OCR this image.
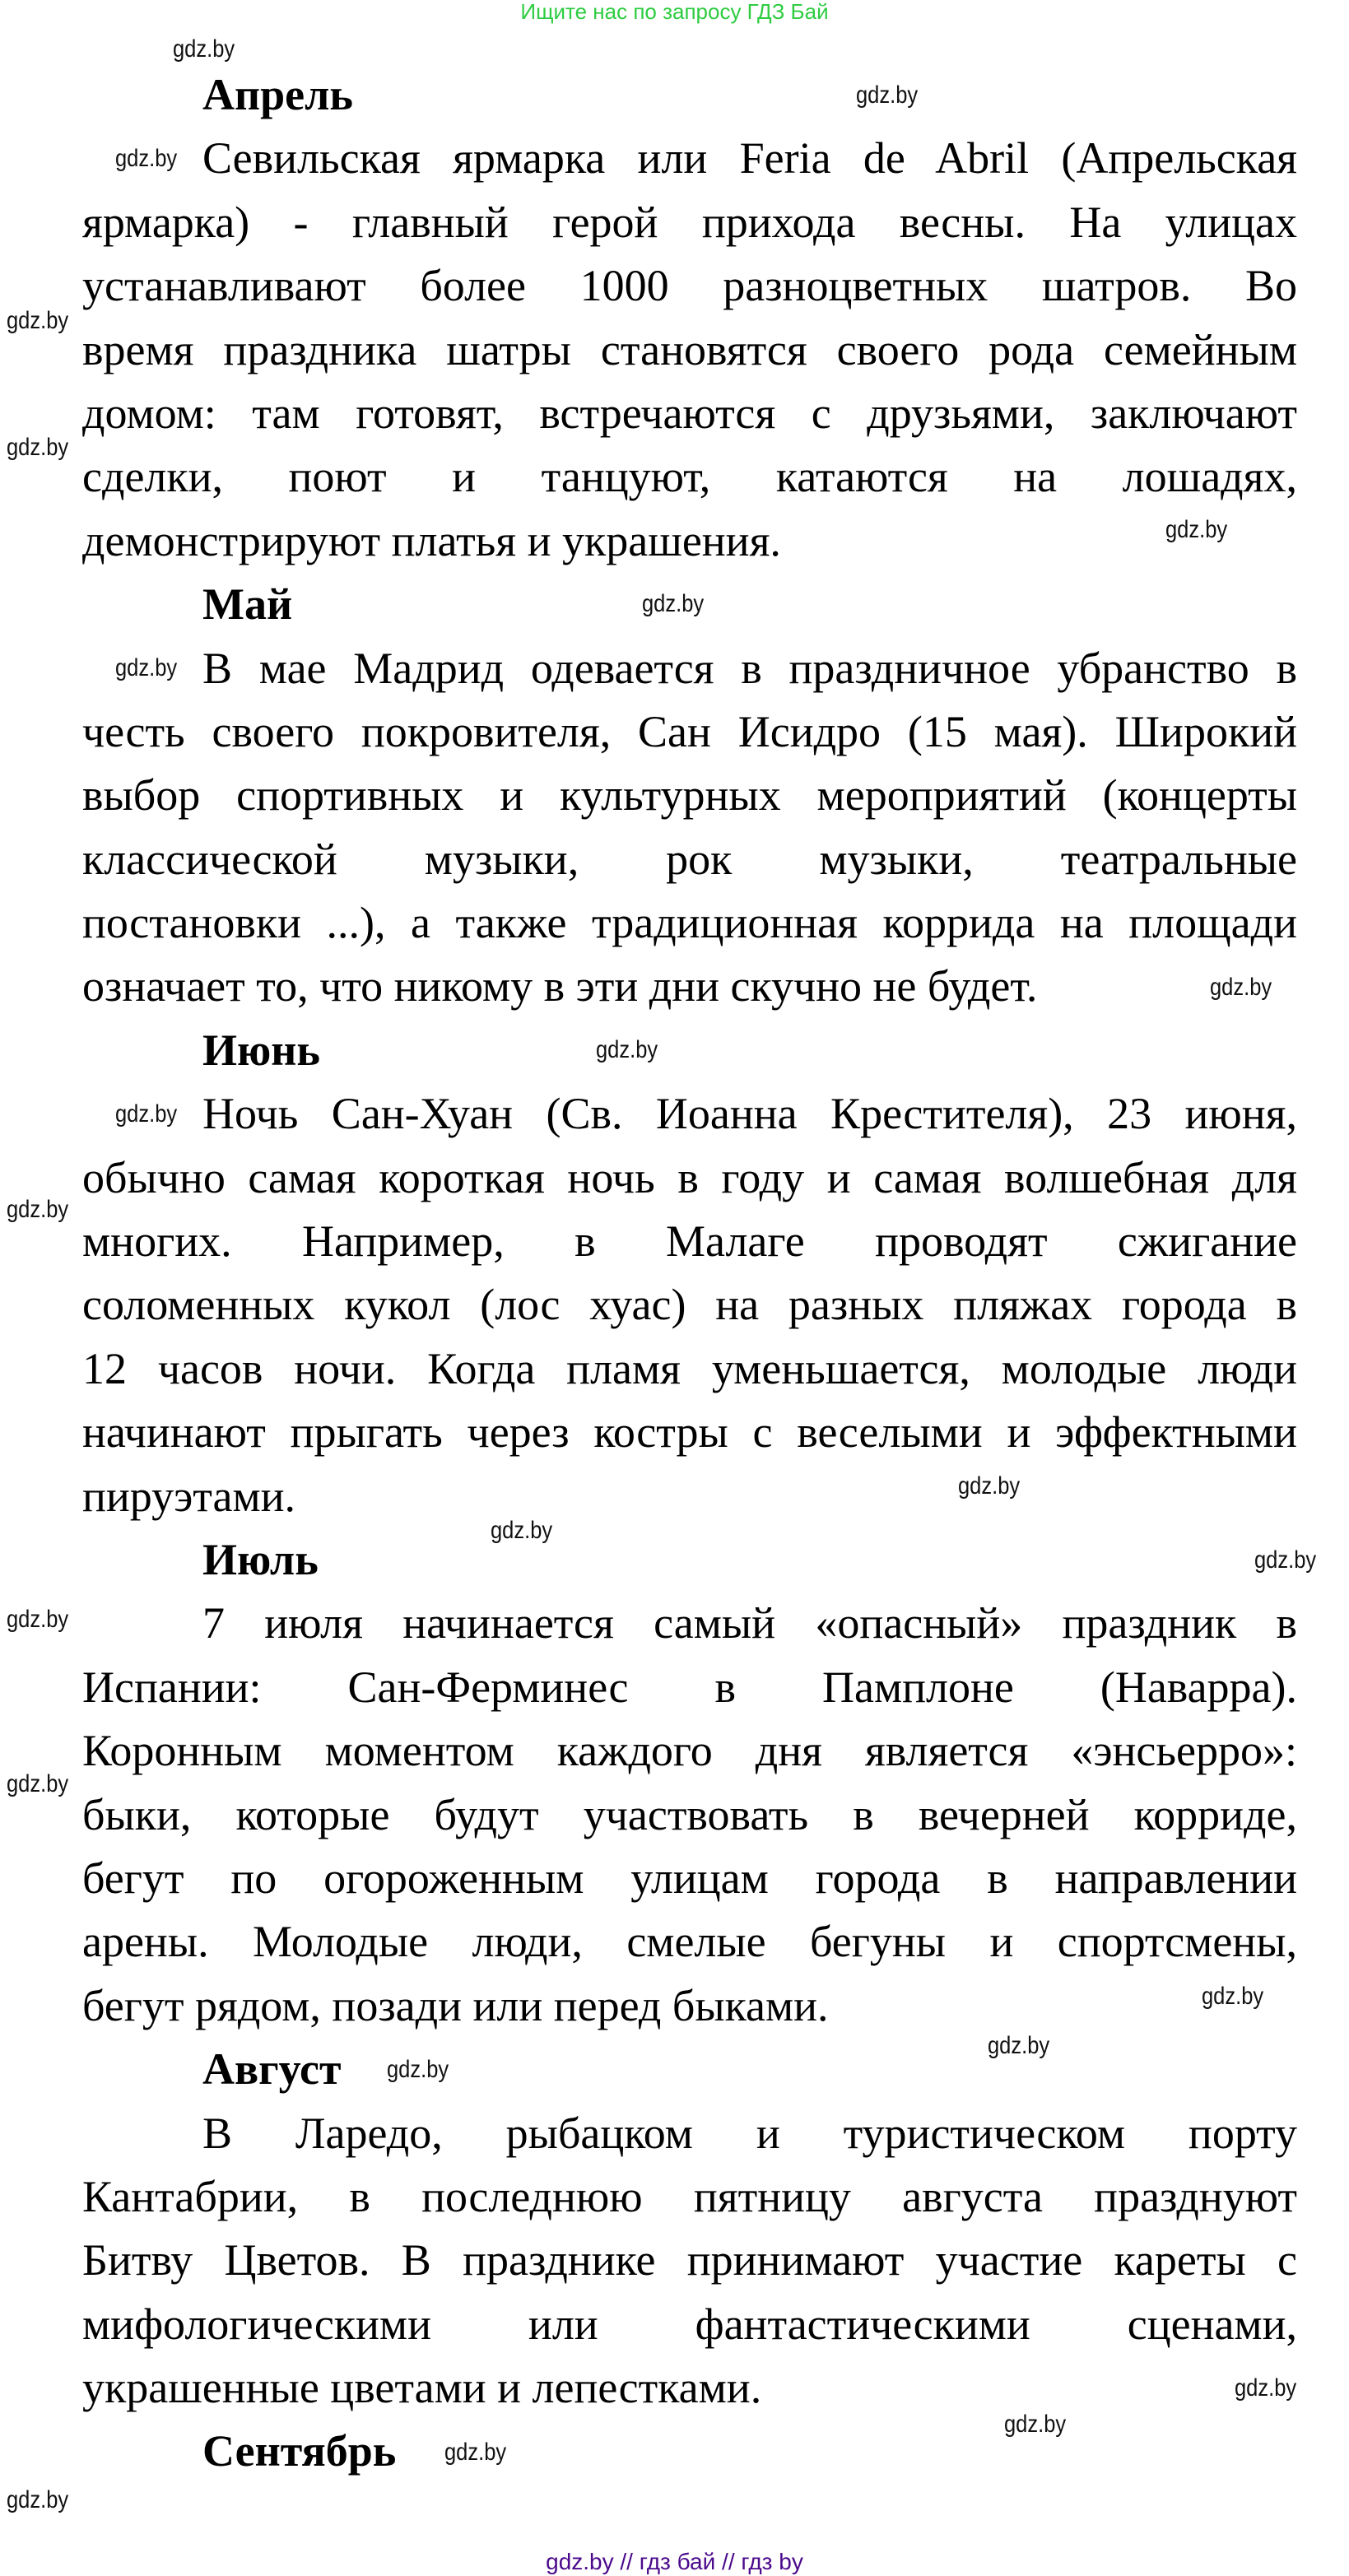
Ищите нас по запросу ГДЗ Бай
Апрель
Севильская ярмарка или Feria de Abril (Апрельская
ярмарка) - главный герой прихода весны. На улицах
устанавливают более 1000 разноцветных шатров. Во
время праздника шатры становятся своего рода семейным
домом: там готовят, встречаются с друзьями, заключают
сделки, поют и танцуют, катаются на лошадях,
демонстрируют платья и украшения.
Май
В мае Мадрид одевается в праздничное убранство в
честь своего покровителя, Сан Исидро (15 мая). Широкий
выбор спортивных и культурных мероприятий (концерты
классической музыки, рок музыки, театральные
постановки ...), а также традиционная коррида на площади
означает то, что никому в эти дни скучно не будет.
Июнь
Ночь Сан-Хуан (Св. Иоанна Крестителя), 23 июня,
обычно самая короткая ночь в году и самая волшебная для
многих. Например, в Малаге проводят сжигание
соломенных кукол (лос хуас) на разных пляжах города в
12 часов ночи. Когда пламя уменьшается, молодые люди
начинают прыгать через костры с веселыми и эффектными
пируэтами.
Июль
7 июля начинается самый «опасный» праздник в
Испании: Сан-Ферминес в Памплоне (Наварра).
Коронным моментом каждого дня является «энсьерро»:
быки, которые будут участвовать в вечерней корриде,
бегут по огороженным улицам города в направлении
арены. Молодые люди, смелые бегуны и спортсмены,
бегут рядом, позади или перед быками.
Август
В Ларедо, рыбацком и туристическом порту
Кантабрии, в последнюю пятницу августа празднуют
Битву Цветов. В празднике принимают участие кареты с
мифологическими или фантастическими сценами,
украшенные цветами и лепестками.
Сентябрь
gdz.by
gdz.by
gdz.by
gdz.by
gdz.by
gdz.by
gdz.by
gdz.by
gdz.by
gdz.by
gdz.by
gdz.by
gdz.by
gdz.by
gdz.by
gdz.by
gdz.by
gdz.by
gdz.by
gdz.by
gdz.by
gdz.by
gdz.by
gdz.by
gdz.by // гдз бай // гдз by
